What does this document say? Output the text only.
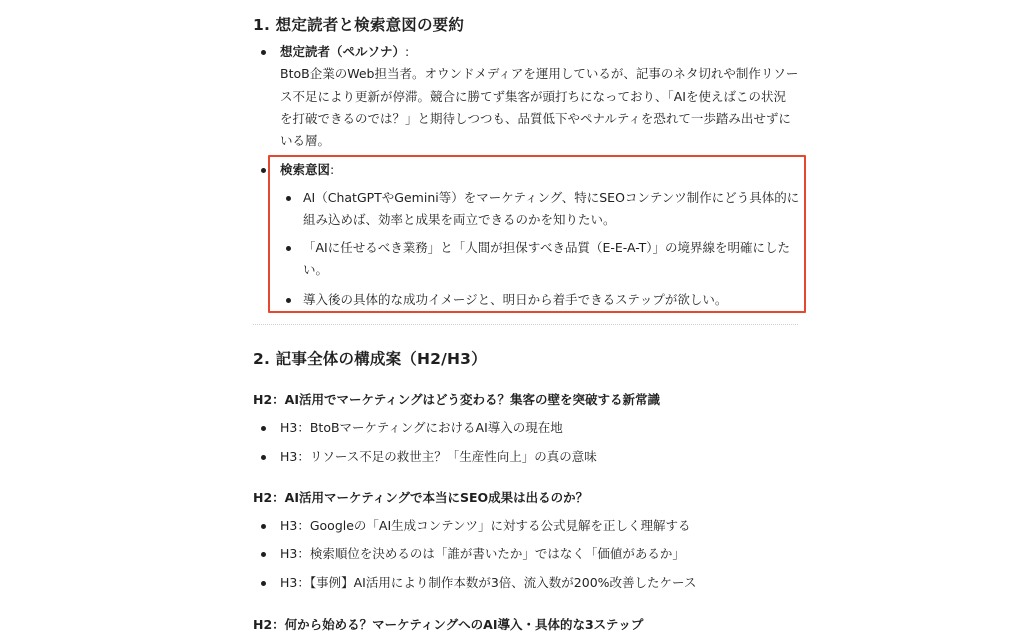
1. 想定読者と検索意図の要約
想定読者（ペルソナ）:
BtoB企業のWeb担当者。オウンドメディアを運用しているが、記事のネタ切れや制作リソー
ス不足により更新が停滞。競合に勝てず集客が頭打ちになっており、「AIを使えばこの状況
を打破できるのでは？」と期待しつつも、品質低下やペナルティを恐れて一歩踏み出せずに
いる層。
検索意図:
AI（ChatGPTやGemini等）をマーケティング、特にSEOコンテンツ制作にどう具体的に
組み込めば、効率と成果を両立できるのかを知りたい。
「AIに任せるべき業務」と「人間が担保すべき品質（E-E-A-T）」の境界線を明確にした
い。
導入後の具体的な成功イメージと、明日から着手できるステップが欲しい。
2. 記事全体の構成案（H2/H3）
H2：AI活用でマーケティングはどう変わる？集客の壁を突破する新常識
H3：BtoBマーケティングにおけるAI導入の現在地
H3：リソース不足の救世主？「生産性向上」の真の意味
H2：AI活用マーケティングで本当にSEO成果は出るのか？
H3：Googleの「AI生成コンテンツ」に対する公式見解を正しく理解する
H3：検索順位を決めるのは「誰が書いたか」ではなく「価値があるか」
H3：【事例】AI活用により制作本数が3倍、流入数が200%改善したケース
H2：何から始める？マーケティングへのAI導入・具体的な3ステップ
